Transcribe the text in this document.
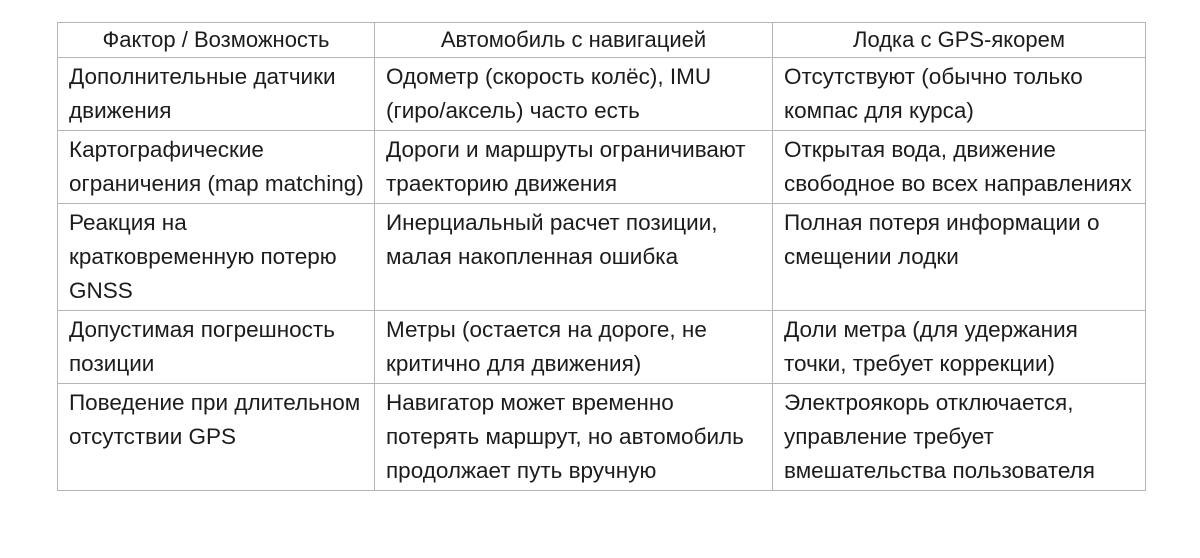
Фактор / Возможность	Автомобиль с навигацией	Лодка с GPS-якорем
Дополнительные датчики движения	Одометр (скорость колёс), IMU (гиро/аксель) часто есть	Отсутствуют (обычно только компас для курса)
Картографические ограничения (map matching)	Дороги и маршруты ограничивают траекторию движения	Открытая вода, движение свободное во всех направлениях
Реакция на кратковременную потерю GNSS	Инерциальный расчет позиции, малая накопленная ошибка	Полная потеря информации о смещении лодки
Допустимая погрешность позиции	Метры (остается на дороге, не критично для движения)	Доли метра (для удержания точки, требует коррекции)
Поведение при длительном отсутствии GPS	Навигатор может временно потерять маршрут, но автомобиль продолжает путь вручную	Электроякорь отключается, управление требует вмешательства пользователя
